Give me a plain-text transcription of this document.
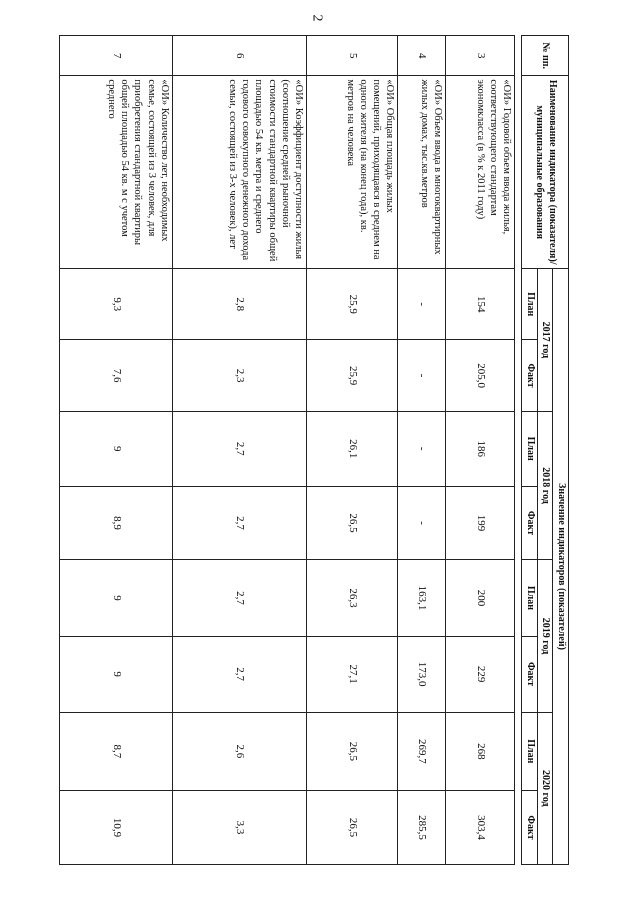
2
№ пп.	Наименование индикатора (показателя)/муниципальные образования	Значение индикаторов (показателей)							
		2017 год		2018 год		2019 год		2020 год	
		План	Факт	План	Факт	План	Факт	План	Факт

3	«ОИ» Годовой объем ввода жилья, соответствующего стандартам экономкласса (в % к 2011 году)	154	205,0	186	199	200	229	268	303,4
4	«ОИ» Объем ввода в многоквартирных жилых домах, тыс.кв.метров	-	-	-	-	163,1	173,0	269,7	285,5
5	«ОИ» Общая площадь жилых помещений, приходящаяся в среднем на одного жителя (на конец года), кв. метров на человека	25,9	25,9	26,1	26,5	26,3	27,1	26,5	26,5
6	«ОИ» Коэффициент доступности жилья (соотношение средней рыночной стоимости стандартной квартиры общей площадью 54 кв. метра и среднего годового совокупного денежного дохода семьи, состоящей из 3-х человек), лет	2,8	2,3	2,7	2,7	2,7	2,7	2,6	3,3
7	«ОИ» Количество лет, необходимых семье, состоящей из 3 человек, для приобретения стандартной квартиры общей площадью 54 кв. м с учетом среднего	9,3	7,6	9	8,9	9	9	8,7	10,9
